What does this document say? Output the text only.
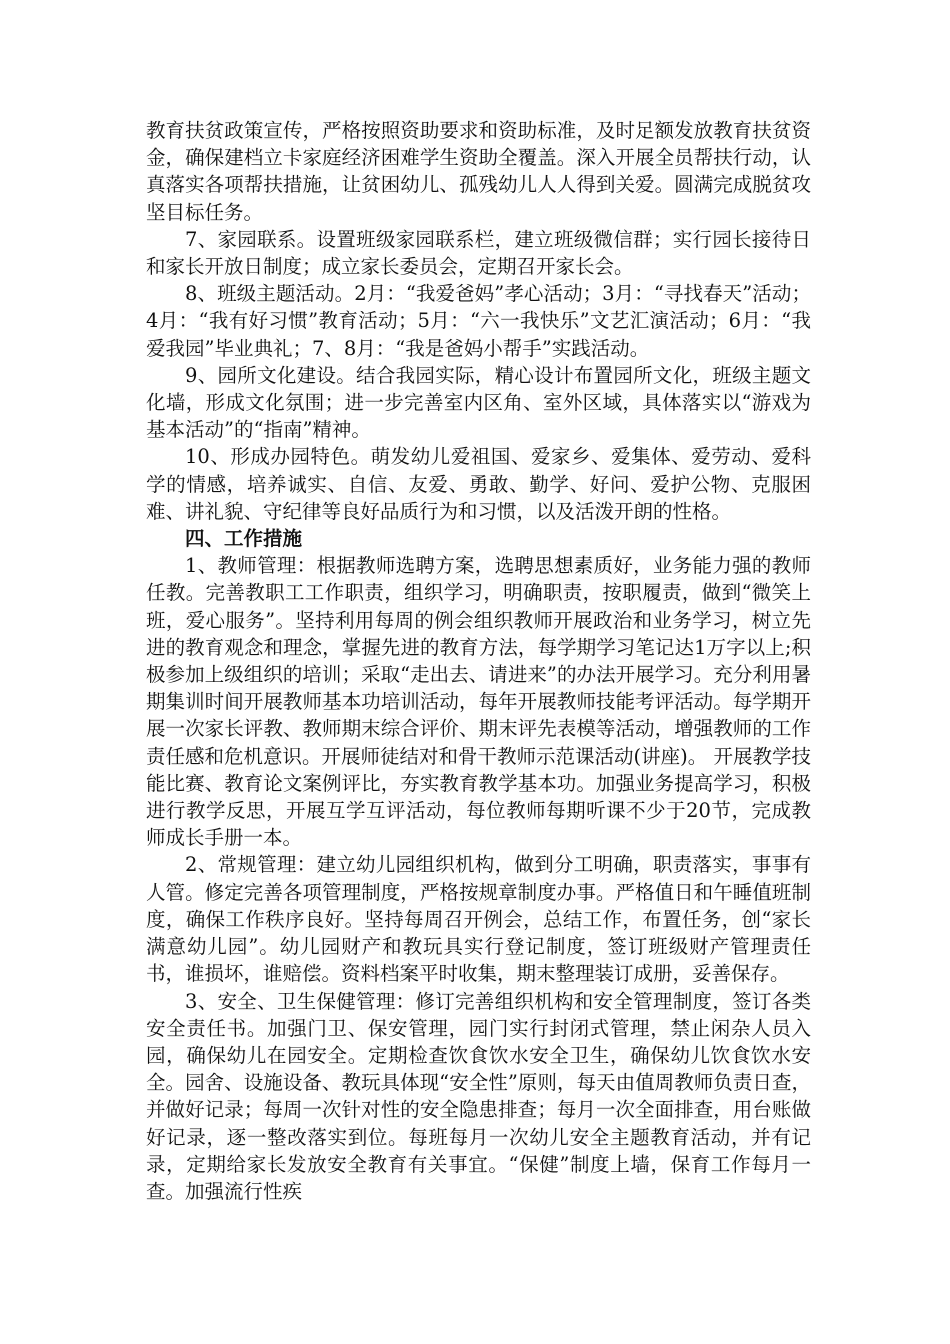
教育扶贫政策宣传，严格按照资助要求和资助标准，及时足额发放教育扶贫资金，确保建档立卡家庭经济困难学生资助全覆盖。深入开展全员帮扶行动，认真落实各项帮扶措施，让贫困幼儿、孤残幼儿人人得到关爱。圆满完成脱贫攻坚目标任务。

7、家园联系。设置班级家园联系栏，建立班级微信群；实行园长接待日和家长开放日制度；成立家长委员会，定期召开家长会。

8、班级主题活动。2月：“我爱爸妈”孝心活动；3月：“寻找春天”活动；4月：“我有好习惯”教育活动；5月：“六一我快乐”文艺汇演活动；6月：“我爱我园”毕业典礼；7、8月：“我是爸妈小帮手”实践活动。

9、园所文化建设。结合我园实际，精心设计布置园所文化，班级主题文化墙，形成文化氛围；进一步完善室内区角、室外区域，具体落实以“游戏为基本活动”的“指南”精神。

10、形成办园特色。萌发幼儿爱祖国、爱家乡、爱集体、爱劳动、爱科学的情感，培养诚实、自信、友爱、勇敢、勤学、好问、爱护公物、克服困难、讲礼貌、守纪律等良好品质行为和习惯，以及活泼开朗的性格。

四、工作措施

1、教师管理：根据教师选聘方案，选聘思想素质好，业务能力强的教师任教。完善教职工工作职责，组织学习，明确职责，按职履责，做到“微笑上班，爱心服务”。坚持利用每周的例会组织教师开展政治和业务学习，树立先进的教育观念和理念，掌握先进的教育方法，每学期学习笔记达1万字以上;积极参加上级组织的培训；采取“走出去、请进来”的办法开展学习。充分利用暑期集训时间开展教师基本功培训活动，每年开展教师技能考评活动。每学期开展一次家长评教、教师期末综合评价、期末评先表模等活动，增强教师的工作责任感和危机意识。开展师徒结对和骨干教师示范课活动(讲座)。 开展教学技能比赛、教育论文案例评比，夯实教育教学基本功。加强业务提高学习，积极进行教学反思，开展互学互评活动，每位教师每期听课不少于20节，完成教师成长手册一本。

2、常规管理：建立幼儿园组织机构，做到分工明确，职责落实，事事有人管。修定完善各项管理制度，严格按规章制度办事。严格值日和午睡值班制度，确保工作秩序良好。坚持每周召开例会，总结工作，布置任务，创“家长满意幼儿园”。幼儿园财产和教玩具实行登记制度，签订班级财产管理责任书，谁损坏，谁赔偿。资料档案平时收集，期末整理装订成册，妥善保存。

3、安全、卫生保健管理：修订完善组织机构和安全管理制度，签订各类安全责任书。加强门卫、保安管理，园门实行封闭式管理，禁止闲杂人员入园，确保幼儿在园安全。定期检查饮食饮水安全卫生，确保幼儿饮食饮水安全。园舍、设施设备、教玩具体现“安全性”原则，每天由值周教师负责日查，并做好记录；每周一次针对性的安全隐患排查；每月一次全面排查，用台账做好记录，逐一整改落实到位。每班每月一次幼儿安全主题教育活动，并有记录，定期给家长发放安全教育有关事宜。“保健”制度上墙，保育工作每月一查。加强流行性疾
